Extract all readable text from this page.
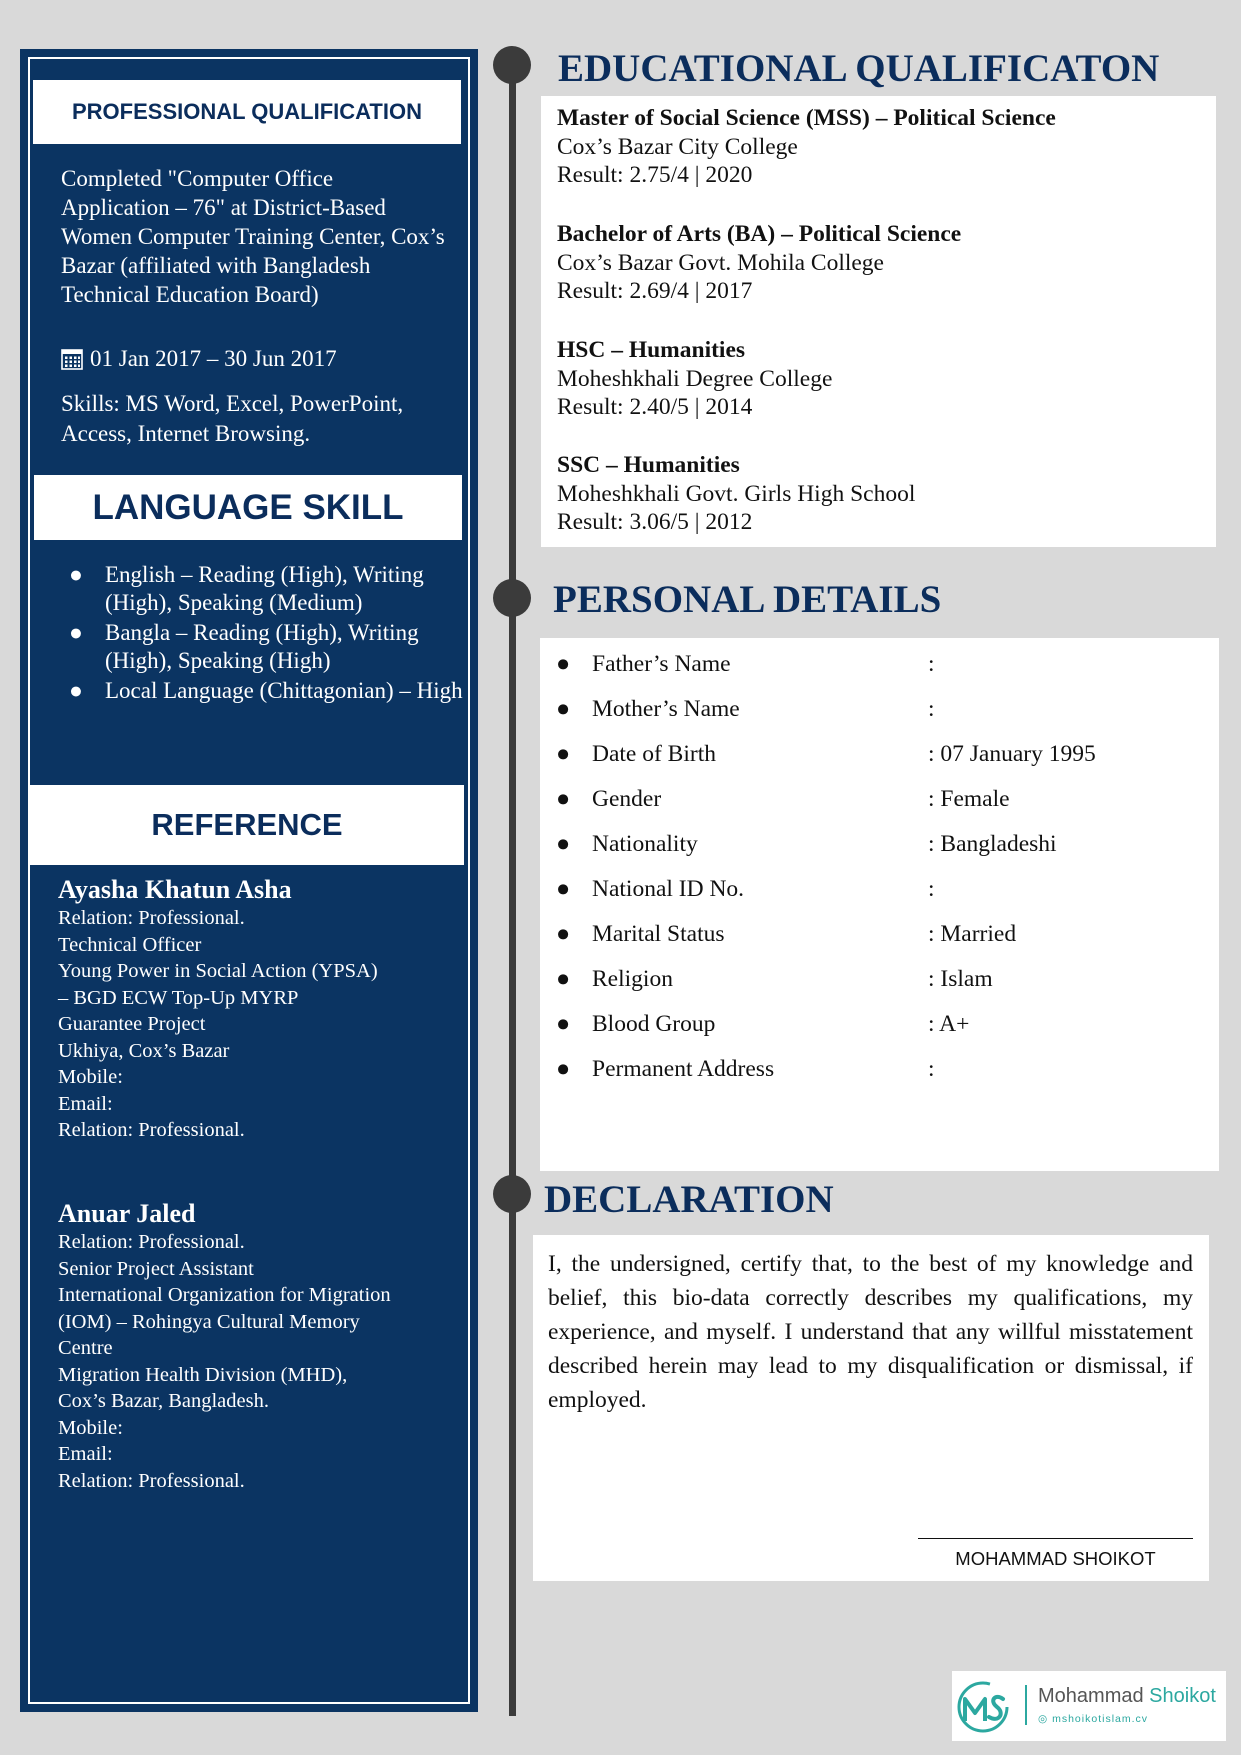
PROFESSIONAL QUALIFICATION
Completed "Computer Office Application – 76" at District-Based Women Computer Training Center, Cox’s Bazar (affiliated with Bangladesh Technical Education Board)
01 Jan 2017 – 30 Jun 2017
Skills: MS Word, Excel, PowerPoint, Access, Internet Browsing.
LANGUAGE SKILL
● English – Reading (High), Writing (High), Speaking (Medium)
● Bangla – Reading (High), Writing (High), Speaking (High)
● Local Language (Chittagonian) – High
REFERENCE
Ayasha Khatun Asha
Relation: Professional.
Technical Officer
Young Power in Social Action (YPSA)
– BGD ECW Top-Up MYRP
Guarantee Project
Ukhiya, Cox’s Bazar
Mobile:
Email:
Relation: Professional.
Anuar Jaled
Relation: Professional.
Senior Project Assistant
International Organization for Migration
(IOM) – Rohingya Cultural Memory
Centre
Migration Health Division (MHD),
Cox’s Bazar, Bangladesh.
Mobile:
Email:
Relation: Professional.
EDUCATIONAL QUALIFICATON
Master of Social Science (MSS) – Political Science
Cox’s Bazar City College
Result: 2.75/4 | 2020
Bachelor of Arts (BA) – Political Science
Cox’s Bazar Govt. Mohila College
Result: 2.69/4 | 2017
HSC – Humanities
Moheshkhali Degree College
Result: 2.40/5 | 2014
SSC – Humanities
Moheshkhali Govt. Girls High School
Result: 3.06/5 | 2012
PERSONAL DETAILS
● Father’s Name	:
● Mother’s Name	:
● Date of Birth	: 07 January 1995
● Gender	: Female
● Nationality	: Bangladeshi
● National ID No.	:
● Marital Status	: Married
● Religion	: Islam
● Blood Group	: A+
● Permanent Address	:
DECLARATION
I, the undersigned, certify that, to the best of my knowledge and belief, this bio-data correctly describes my qualifications, my experience, and myself. I understand that any willful misstatement described herein may lead to my disqualification or dismissal, if employed.
MOHAMMAD SHOIKOT
Mohammad Shoikot
◎ mshoikotislam.cv
